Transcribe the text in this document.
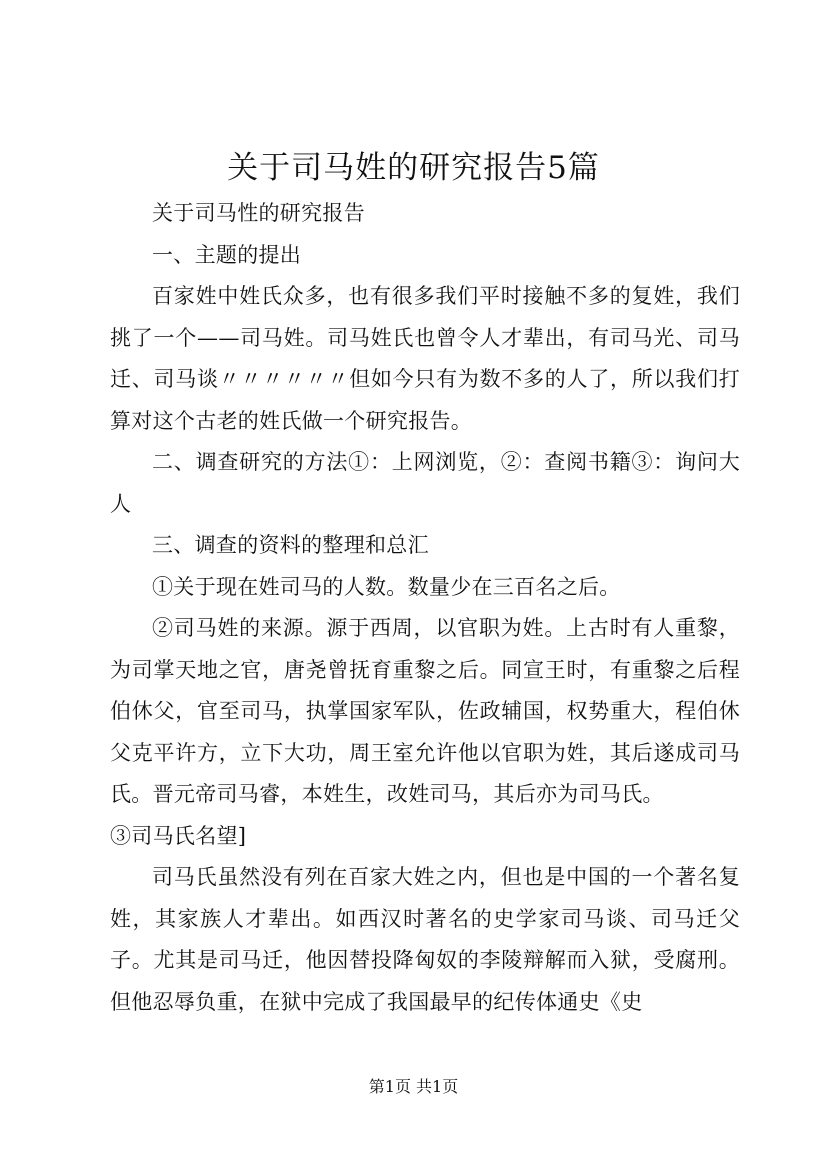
关于司马姓的研究报告5篇

关于司马性的研究报告

一、主题的提出

百家姓中姓氏众多，也有很多我们平时接触不多的复姓，我们挑了一个——司马姓。司马姓氏也曾令人才辈出，有司马光、司马迁、司马谈〃〃〃〃〃〃但如今只有为数不多的人了，所以我们打算对这个古老的姓氏做一个研究报告。

二、调查研究的方法①：上网浏览，②：查阅书籍③：询问大人

三、调查的资料的整理和总汇

①关于现在姓司马的人数。数量少在三百名之后。

②司马姓的来源。源于西周，以官职为姓。上古时有人重黎，为司掌天地之官，唐尧曾抚育重黎之后。同宣王时，有重黎之后程伯休父，官至司马，执掌国家军队，佐政辅国，权势重大，程伯休父克平许方，立下大功，周王室允许他以官职为姓，其后遂成司马氏。晋元帝司马睿，本姓生，改姓司马，其后亦为司马氏。

③司马氏名望]

司马氏虽然没有列在百家大姓之内，但也是中国的一个著名复姓，其家族人才辈出。如西汉时著名的史学家司马谈、司马迁父子。尤其是司马迁，他因替投降匈奴的李陵辩解而入狱，受腐刑。但他忍辱负重，在狱中完成了我国最早的纪传体通史《史

第1页 共1页
